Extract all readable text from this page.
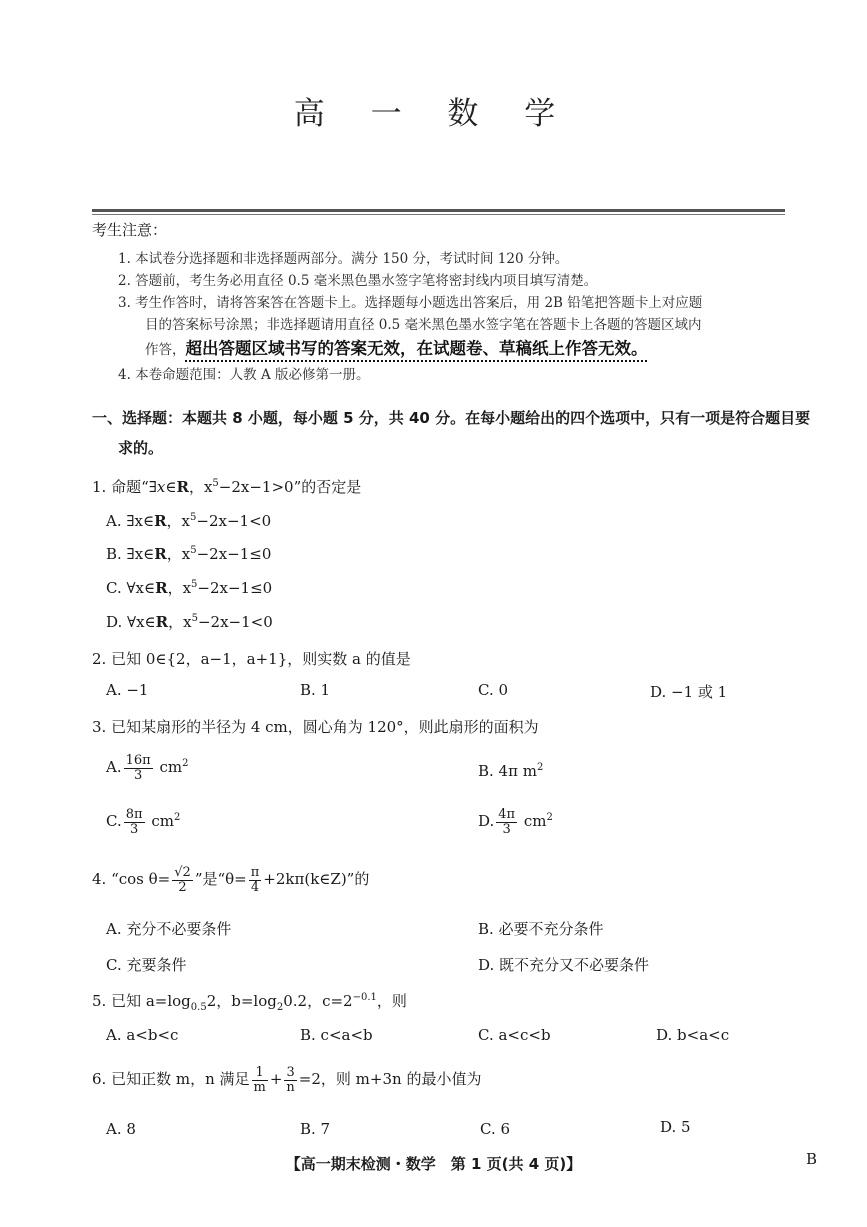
高 一 数 学
考生注意：
1. 本试卷分选择题和非选择题两部分。满分 150 分，考试时间 120 分钟。
2. 答题前，考生务必用直径 0.5 毫米黑色墨水签字笔将密封线内项目填写清楚。
3. 考生作答时，请将答案答在答题卡上。选择题每小题选出答案后，用 2B 铅笔把答题卡上对应题
目的答案标号涂黑；非选择题请用直径 0.5 毫米黑色墨水签字笔在答题卡上各题的答题区域内
作答，超出答题区域书写的答案无效，在试题卷、草稿纸上作答无效。
4. 本卷命题范围：人教 A 版必修第一册。
一、选择题：本题共 8 小题，每小题 5 分，共 40 分。在每小题给出的四个选项中，只有一项是符合题目要
求的。
1. 命题“∃x∈R，$x^5-2x-1>0$”的否定是
A. ∃x∈R，$x^5-2x-1<0$
B. ∃x∈R，$x^5-2x-1\le 0$
C. ∀x∈R，$x^5-2x-1\le 0$
D. ∀x∈R，$x^5-2x-1<0$
2. 已知 0∈{2，a−1，a+1}，则实数 a 的值是
A. −1	B. 1	C. 0	D. −1 或 1
3. 已知某扇形的半径为 4 cm，圆心角为 120°，则此扇形的面积为
A. $\frac{16\pi}{3} cm^2$	B. 4π $m^2$
C. $\frac{8\pi}{3} cm^2$	D. $\frac{4\pi}{3} cm^2$
4. “cos $\theta= \frac{√2}{2}$ ”是“$\theta= \frac{\pi}{4}$ +2kπ(k∈Z)”的
A. 充分不必要条件	B. 必要不充分条件
C. 充要条件	D. 既不充分又不必要条件
5. 已知 $a=\log_{0.5}2$，$b=\log_20.2$，$c=2^{-0.1}$，则
A. a<b<c	B. c<a<b	C. a<c<b	D. b<a<c
6. 已知正数 m，n 满足 $\frac{1}{m} + \frac{3}{n} =2$，则 m+3n 的最小值为
A. 8	B. 7	C. 6	D. 5
【高一期末检测・数学　第 1 页(共 4 页)】	B
